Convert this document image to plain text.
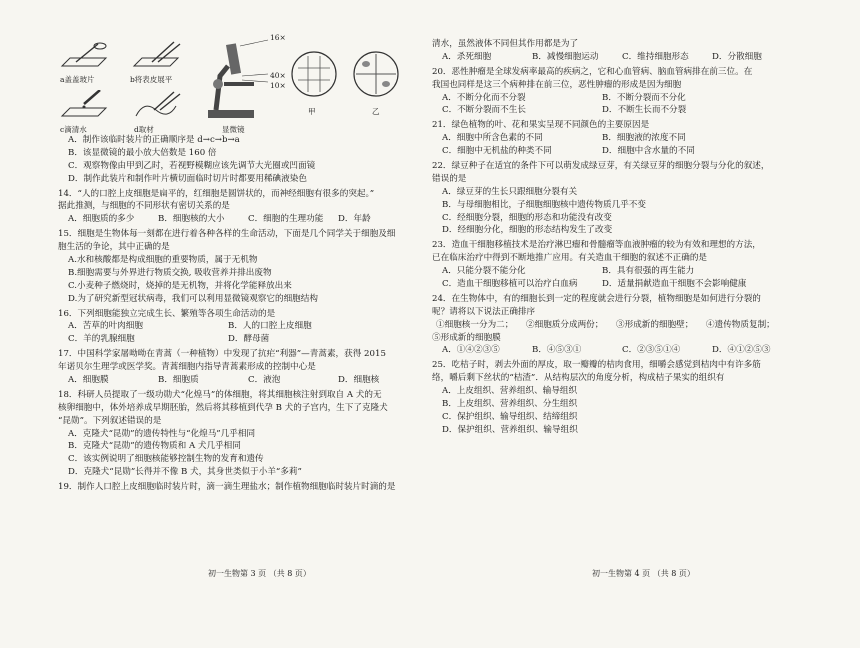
a盖盖玻片	b将表皮展平
c滴清水	d取材
16×
40×
10×
显微镜
甲	乙
A．制作该临时装片的正确顺序是 d→c→b→a
B．该显微镜的最小放大倍数是 160 倍
C．观察物像由甲到乙时，若视野模糊应该先调节大光圈或凹面镜
D．制作此装片和制作叶片横切面临时切片时都要用稀碘液染色
14．“人的口腔上皮细胞是扁平的，红细胞是圆饼状的，而神经细胞有很多的突起。”
据此推测，与细胞的不同形状有密切关系的是
A．细胞质的多少	B．细胞核的大小	C．细胞的生理功能	D．年龄
15．细胞是生物体每一刻都在进行着各种各样的生命活动，下面是几个同学关于细胞及细
胞生活的争论，其中正确的是
A.水和核酸都是构成细胞的重要物质，属于无机物
B.细胞需要与外界进行物质交换, 吸收营养并排出废物
C.小麦种子燃烧时，烧掉的是无机物，并将化学能释放出来
D.为了研究新型冠状病毒，我们可以利用显微镜观察它的细胞结构
16．下列细胞能独立完成生长、繁殖等各项生命活动的是
A．苦草的叶肉细胞	B．人的口腔上皮细胞
C．羊的乳腺细胞	D．酵母菌
17．中国科学家屠呦呦在青蒿（一种植物）中发现了抗疟“利器”—青蒿素，获得 2015
年诺贝尔生理学或医学奖。青蒿细胞内指导青蒿素形成的控制中心是
A．细胞膜	B．细胞质	C．液泡	D．细胞核
18．科研人员提取了一级功勋犬“化煌马”的体细胞，将其细胞核注射到取自 A 犬的无
核卵细胞中，体外培养成早期胚胎，然后将其移植到代孕 B 犬的子宫内，生下了克隆犬
“昆勋”。下列叙述错误的是
A．克隆犬“昆勋”的遗传特性与“化煌马”几乎相同
B．克隆犬“昆勋”的遗传物质和 A 犬几乎相同
C．该实例说明了细胞核能够控制生物的发育和遗传
D．克隆犬“昆勋”长得并不像 B 犬，其身世类似于小羊“多莉”
19．制作人口腔上皮细胞临时装片时，滴一滴生理盐水；制作植物细胞临时装片时滴的是
初一生物第 3 页 （共 8 页）
清水，虽然液体不同但其作用都是为了
A．杀死细胞	B．减慢细胞运动	C．维持细胞形态	D．分散细胞
20．恶性肿瘤是全球发病率最高的疾病之，它和心血管病、脑血管病排在前三位。在
我国也同样是这三个病种排在前三位，恶性肿瘤的形成是因为细胞
A．不断分化而不分裂	B．不断分裂而不分化
C．不断分裂而不生长	D．不断生长而不分裂
21．绿色植物的叶、花和果实呈现不同颜色的主要原因是
A．细胞中所含色素的不同	B．细胞液的浓度不同
C．细胞中无机盐的种类不同	D．细胞中含水量的不同
22．绿豆种子在适宜的条件下可以萌发成绿豆芽，有关绿豆芽的细胞分裂与分化的叙述，
错误的是
A．绿豆芽的生长只跟细胞分裂有关
B．与母细胞相比，子细胞细胞核中遗传物质几乎不变
C．经细胞分裂，细胞的形态和功能没有改变
D．经细胞分化，细胞的形态结构发生了改变
23．造血干细胞移植技术是治疗淋巴瘤和骨髓瘤等血液肿瘤的较为有效和理想的方法，
已在临床治疗中得到不断地推广应用。有关造血干细胞的叙述不正确的是
A．只能分裂不能分化	B．具有很强的再生能力
C．造血干细胞移植可以治疗白血病	D．适量捐献造血干细胞不会影响健康
24．在生物体中，有的细胞长到一定的程度就会进行分裂，植物细胞是如何进行分裂的
呢？请将以下说法正确排序
①细胞核一分为二；	②细胞质分成两份；	③形成新的细胞壁；	④遗传物质复制；
⑤形成新的细胞膜
A．①④②③⑤	B．④⑤③①	C．②③⑤①④	D．④①②⑤③
25．吃桔子时，剥去外面的厚皮，取一瓣瓣的桔肉食用，细嚼会感觉到桔肉中有许多筋
络，嚼后剩下丝状的“桔渣”．从结构层次的角度分析，构成桔子果实的组织有
A．上皮组织、营养组织、输导组织
B．上皮组织、营养组织、分生组织
C．保护组织、输导组织、结缔组织
D．保护组织、营养组织、输导组织
初一生物第 4 页 （共 8 页）
